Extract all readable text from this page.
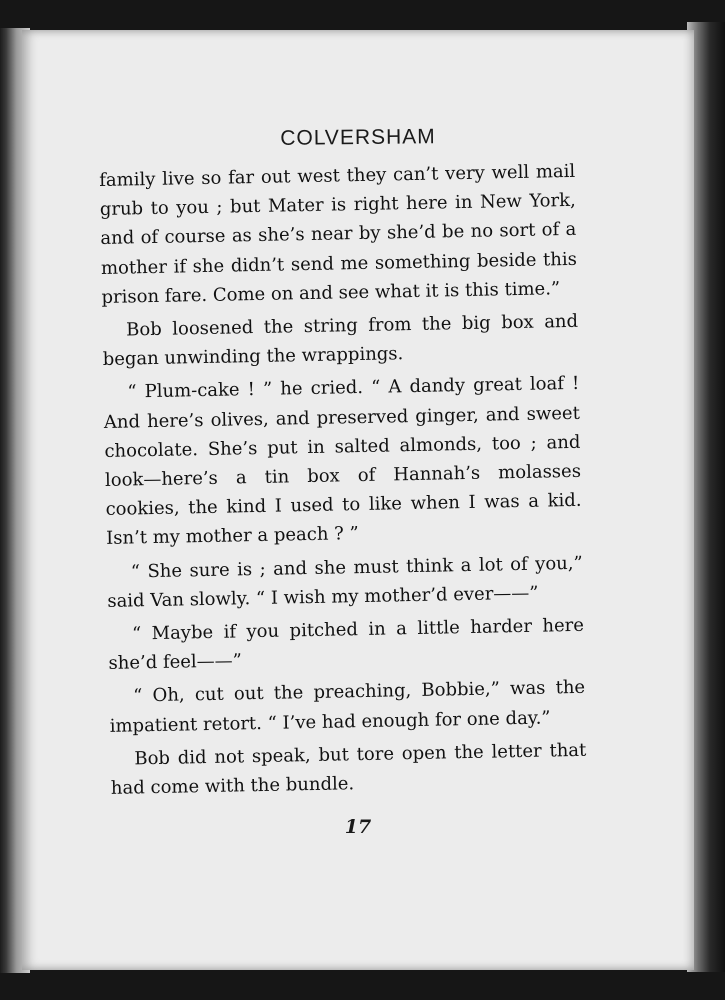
COLVERSHAM

family live so far out west they can’t very well mail grub to you ; but Mater is right here in New York, and of course as she’s near by she’d be no sort of a mother if she didn’t send me something beside this prison fare. Come on and see what it is this time.”

Bob loosened the string from the big box and began unwinding the wrappings.

“ Plum-cake ! ” he cried. “ A dandy great loaf ! And here’s olives, and preserved ginger, and sweet chocolate. She’s put in salted almonds, too ; and look—here’s a tin box of Hannah’s molasses cookies, the kind I used to like when I was a kid. Isn’t my mother a peach ? ”

“ She sure is ; and she must think a lot of you,” said Van slowly. “ I wish my mother’d ever——”

“ Maybe if you pitched in a little harder here she’d feel——”

“ Oh, cut out the preaching, Bobbie,” was the impatient retort. “ I’ve had enough for one day.”

Bob did not speak, but tore open the letter that had come with the bundle.

17
